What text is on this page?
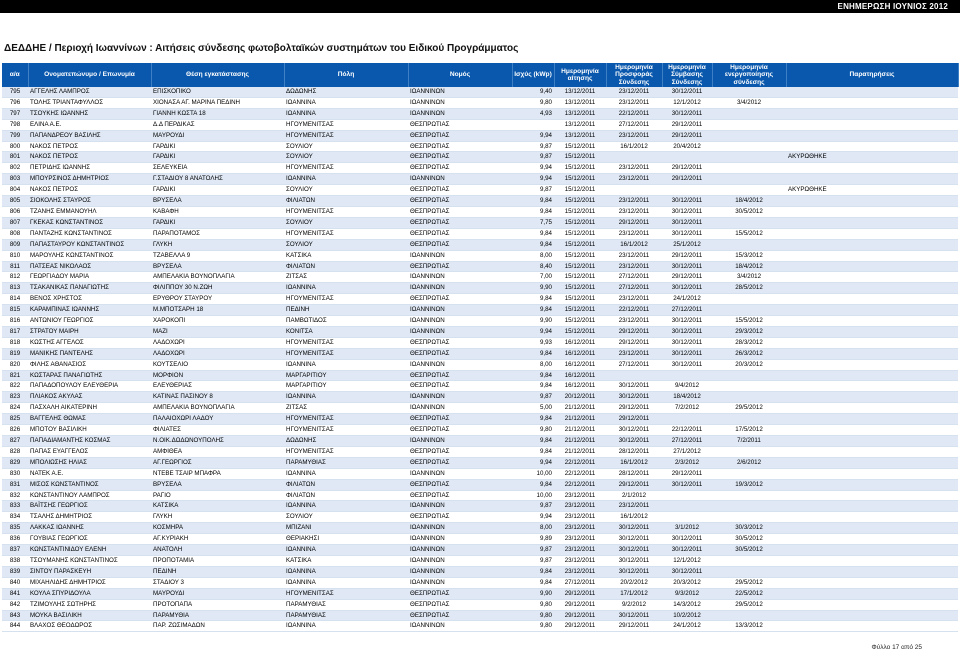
ΕΝΗΜΕΡΩΣΗ ΙΟΥΝΙΟΣ 2012
ΔΕΔΔΗΕ / Περιοχή Ιωαννίνων : Αιτήσεις σύνδεσης φωτοβολταϊκών συστημάτων του Ειδικού Προγράμματος
α/α	Ονοματεπώνυμο / Επωνυμία	Θέση εγκατάστασης	Πόλη	Νομός	Ισχύς (kWp)	Ημερομηνία αίτησης	Ημερομηνία Προσφοράς Σύνδεσης	Ημερομηνία Σύμβασης Σύνδεσης	Ημερομηνία ενεργοποίησης σύνδεσης	Παρατηρήσεις
795	ΑΓΓΕΛΗΣ ΛΑΜΠΡΟΣ	ΕΠΙΣΚΟΠΙΚΟ	ΔΩΔΩΝΗΣ	ΙΩΑΝΝΙΝΩΝ	9,40	13/12/2011	23/12/2011	30/12/2011		
796	ΤΟΛΗΣ ΤΡΙΑΝΤΑΦΥΛΛΟΣ	ΧΙΟΝΑΣΑ ΑΓ. ΜΑΡΙΝΑ ΠΕΔΙΝΗ	ΙΩΑΝΝΙΝΑ	ΙΩΑΝΝΙΝΩΝ	9,80	13/12/2011	23/12/2011	12/1/2012	3/4/2012	
797	ΤΣΟΥΚΗΣ ΙΩΑΝΝΗΣ	ΓΙΑΝΝΗ ΚΩΣΤΑ 18	ΙΩΑΝΝΙΝΑ	ΙΩΑΝΝΙΝΩΝ	4,93	13/12/2011	22/12/2011	30/12/2011		
798	ΕΛΙΝΑ Α.Ε.	Δ.Δ ΠΕΡΔΙΚΑΣ	ΗΓΟΥΜΕΝΙΤΣΑΣ	ΘΕΣΠΡΩΤΙΑΣ		13/12/2011	27/12/2011	29/12/2011		
799	ΠΑΠΑΝΔΡΕΟΥ ΒΑΣΙΛΗΣ	ΜΑΥΡΟΥΔΙ	ΗΓΟΥΜΕΝΙΤΣΑΣ	ΘΕΣΠΡΩΤΙΑΣ	9,94	13/12/2011	23/12/2011	29/12/2011		
800	ΝΑΚΟΣ ΠΕΤΡΟΣ	ΓΑΡΔΙΚΙ	ΣΟΥΛΙΟΥ	ΘΕΣΠΡΩΤΙΑΣ	9,87	15/12/2011	16/1/2012	20/4/2012		
801	ΝΑΚΟΣ ΠΕΤΡΟΣ	ΓΑΡΔΙΚΙ	ΣΟΥΛΙΟΥ	ΘΕΣΠΡΩΤΙΑΣ	9,87	15/12/2011				ΑΚΥΡΩΘΗΚΕ
802	ΠΕΤΡΙΔΗΣ ΙΩΑΝΝΗΣ	ΣΕΛΕΥΚΕΙΑ	ΗΓΟΥΜΕΝΙΤΣΑΣ	ΘΕΣΠΡΩΤΙΑΣ	9,94	15/12/2011	23/12/2011	29/12/2011		
803	ΜΠΟΥΡΣΙΝΟΣ ΔΗΜΗΤΡΙΟΣ	Γ.ΣΤΑΔΙΟΥ 8 ΑΝΑΤΟΛΗΣ	ΙΩΑΝΝΙΝΑ	ΙΩΑΝΝΙΝΩΝ	9,94	15/12/2011	23/12/2011	29/12/2011		
804	ΝΑΚΟΣ ΠΕΤΡΟΣ	ΓΑΡΔΙΚΙ	ΣΟΥΛΙΟΥ	ΘΕΣΠΡΩΤΙΑΣ	9,87	15/12/2011				ΑΚΥΡΩΘΗΚΕ
805	ΣΙΟΚΟΛΗΣ ΣΤΑΥΡΟΣ	ΒΡΥΣΕΛΑ	ΦΙΛΙΑΤΩΝ	ΘΕΣΠΡΩΤΙΑΣ	9,84	15/12/2011	23/12/2011	30/12/2011	18/4/2012	
806	ΤΖΑΝΗΣ ΕΜΜΑΝΟΥΗΛ	ΚΑΒΑΦΗ	ΗΓΟΥΜΕΝΙΤΣΑΣ	ΘΕΣΠΡΩΤΙΑΣ	9,84	15/12/2011	23/12/2011	30/12/2011	30/5/2012	
807	ΓΚΕΚΑΣ ΚΩΝΣΤΑΝΤΙΝΟΣ	ΓΑΡΔΙΚΙ	ΣΟΥΛΙΟΥ	ΘΕΣΠΡΩΤΙΑΣ	7,75	15/12/2011	29/12/2011	30/12/2011		
808	ΠΑΝΤΑΖΗΣ ΚΩΝΣΤΑΝΤΙΝΟΣ	ΠΑΡΑΠΟΤΑΜΟΣ	ΗΓΟΥΜΕΝΙΤΣΑΣ	ΘΕΣΠΡΩΤΙΑΣ	9,84	15/12/2011	23/12/2011	30/12/2011	15/5/2012	
809	ΠΑΠΑΣΤΑΥΡΟΥ ΚΩΝΣΤΑΝΤΙΝΟΣ	ΓΛΥΚΗ	ΣΟΥΛΙΟΥ	ΘΕΣΠΡΩΤΙΑΣ	9,84	15/12/2011	16/1/2012	25/1/2012		
810	ΜΑΡΟΥΛΗΣ ΚΩΝΣΤΑΝΤΙΝΟΣ	ΤΖΑΒΕΛΛΑ 9	ΚΑΤΣΙΚΑ	ΙΩΑΝΝΙΝΩΝ	8,00	15/12/2011	23/12/2011	29/12/2011	15/3/2012	
811	ΠΑΤΣΕΑΣ ΝΙΚΟΛΑΟΣ	ΒΡΥΣΕΛΑ	ΦΙΛΙΑΤΩΝ	ΘΕΣΠΡΩΤΙΑΣ	8,40	15/12/2011	23/12/2011	30/12/2011	18/4/2012	
812	ΓΕΩΡΓΙΑΔΟΥ ΜΑΡΙΑ	ΑΜΠΕΛΑΚΙΑ ΒΟΥΝΟΠΛΑΓΙΑ	ΖΙΤΣΑΣ	ΙΩΑΝΝΙΝΩΝ	7,00	15/12/2011	27/12/2011	29/12/2011	3/4/2012	
813	ΤΣΑΚΑΝΙΚΑΣ ΠΑΝΑΓΙΩΤΗΣ	ΦΙΛΙΠΠΟΥ 30 Ν.ΖΩΗ	ΙΩΑΝΝΙΝΑ	ΙΩΑΝΝΙΝΩΝ	9,90	15/12/2011	27/12/2011	30/12/2011	28/5/2012	
814	ΒΕΝΟΣ ΧΡΗΣΤΟΣ	ΕΡΥΘΡΟΥ ΣΤΑΥΡΟΥ	ΗΓΟΥΜΕΝΙΤΣΑΣ	ΘΕΣΠΡΩΤΙΑΣ	9,84	15/12/2011	23/12/2011	24/1/2012		
815	ΚΑΡΑΜΠΙΝΑΣ ΙΩΑΝΝΗΣ	Μ.ΜΠΟΤΣΑΡΗ 18	ΠΕΔΙΝΗ	ΙΩΑΝΝΙΝΩΝ	9,84	15/12/2011	22/12/2011	27/12/2011		
816	ΑΝΤΩΝΙΟΥ ΓΕΩΡΓΙΟΣ	ΧΑΡΟΚΟΠΙ	ΠΑΜΒΩΤΙΔΟΣ	ΙΩΑΝΝΙΝΩΝ	9,90	15/12/2011	23/12/2011	30/12/2011	15/5/2012	
817	ΣΤΡΑΤΟΥ ΜΑΙΡΗ	ΜΑΖΙ	ΚΟΝΙΤΣΑ	ΙΩΑΝΝΙΝΩΝ	9,94	15/12/2011	29/12/2011	30/12/2011	29/3/2012	
818	ΚΩΣΤΗΣ ΑΓΓΕΛΟΣ	ΛΑΔΟΧΩΡΙ	ΗΓΟΥΜΕΝΙΤΣΑΣ	ΘΕΣΠΡΩΤΙΑΣ	9,93	16/12/2011	29/12/2011	30/12/2011	28/3/2012	
819	ΜΑΝΙΚΗΣ ΠΑΝΤΕΛΗΣ	ΛΑΔΟΧΩΡΙ	ΗΓΟΥΜΕΝΙΤΣΑΣ	ΘΕΣΠΡΩΤΙΑΣ	9,84	16/12/2011	23/12/2011	30/12/2011	26/3/2012	
820	ΦΙΛΗΣ ΑΘΑΝΑΣΙΟΣ	ΚΟΥΤΣΕΛΙΟ	ΙΩΑΝΝΙΝΑ	ΙΩΑΝΝΙΝΩΝ	8,00	16/12/2011	27/12/2011	30/12/2011	20/3/2012	
821	ΚΩΣΤΑΡΑΣ ΠΑΝΑΓΙΩΤΗΣ	ΜΟΡΦΙΟΝ	ΜΑΡΓΑΡΙΤΙΟΥ	ΘΕΣΠΡΩΤΙΑΣ	9,84	16/12/2011				
822	ΠΑΠΑΔΟΠΟΥΛΟΥ ΕΛΕΥΘΕΡΙΑ	ΕΛΕΥΘΕΡΙΑΣ	ΜΑΡΓΑΡΙΤΙΟΥ	ΘΕΣΠΡΩΤΙΑΣ	9,84	16/12/2011	30/12/2011	9/4/2012		
823	ΠΛΙΑΚΟΣ ΑΚΥΛΑΣ	ΚΑΤΙΝΑΣ ΠΑΣΙΝΟΥ 8	ΙΩΑΝΝΙΝΑ	ΙΩΑΝΝΙΝΩΝ	9,87	20/12/2011	30/12/2011	18/4/2012		
824	ΠΑΣΧΑΛΗ ΑΙΚΑΤΕΡΙΝΗ	ΑΜΠΕΛΑΚΙΑ ΒΟΥΝΟΠΛΑΓΙΑ	ΖΙΤΣΑΣ	ΙΩΑΝΝΙΝΩΝ	5,00	21/12/2011	29/12/2011	7/2/2012	29/5/2012	
825	ΒΑΓΓΕΛΗΣ ΘΩΜΑΣ	ΠΑΛΑΙΟΧΩΡΙ ΛΑΔΟΥ	ΗΓΟΥΜΕΝΙΤΣΑΣ	ΘΕΣΠΡΩΤΙΑΣ	9,84	21/12/2011	29/12/2011			
826	ΜΠΟΤΟΥ ΒΑΣΙΛΙΚΗ	ΦΙΛΙΑΤΕΣ	ΗΓΟΥΜΕΝΙΤΣΑΣ	ΘΕΣΠΡΩΤΙΑΣ	9,80	21/12/2011	30/12/2011	22/12/2011	17/5/2012	
827	ΠΑΠΑΔΙΑΜΑΝΤΗΣ ΚΟΣΜΑΣ	Ν.ΟΙΚ.ΔΩΔΩΝΟΥΠΟΛΗΣ	ΔΩΔΩΝΗΣ	ΙΩΑΝΝΙΝΩΝ	9,84	21/12/2011	30/12/2011	27/12/2011	7/2/2011	
828	ΠΑΠΑΣ ΕΥΑΓΓΕΛΟΣ	ΑΜΦΙΘΕΑ	ΗΓΟΥΜΕΝΙΤΣΑΣ	ΘΕΣΠΡΩΤΙΑΣ	9,84	21/12/2011	28/12/2011	27/1/2012		
829	ΜΠΟΛΙΩΣΗΣ ΗΛΙΑΣ	ΑΓ.ΓΕΩΡΓΙΟΣ	ΠΑΡΑΜΥΘΙΑΣ	ΘΕΣΠΡΩΤΙΑΣ	9,94	22/12/2011	16/1/2012	2/3/2012	2/6/2012	
830	ΝΑΤΕΚ Α.Ε.	ΝΤΕΒΕ ΤΣΑΙΡ ΜΠΑΦΡΑ	ΙΩΑΝΝΙΝΑ	ΙΩΑΝΝΙΝΩΝ	10,00	22/12/2011	28/12/2011	29/12/2011		
831	ΜΙΣΟΣ ΚΩΝΣΤΑΝΤΙΝΟΣ	ΒΡΥΣΕΛΑ	ΦΙΛΙΑΤΩΝ	ΘΕΣΠΡΩΤΙΑΣ	9,84	22/12/2011	29/12/2011	30/12/2011	19/3/2012	
832	ΚΩΝΣΤΑΝΤΙΝΟΥ ΛΑΜΠΡΟΣ	ΡΑΓΙΟ	ΦΙΛΙΑΤΩΝ	ΘΕΣΠΡΩΤΙΑΣ	10,00	23/12/2011	2/1/2012			
833	ΒΑΪΤΣΗΣ ΓΕΩΡΓΙΟΣ	ΚΑΤΣΙΚΑ	ΙΩΑΝΝΙΝΑ	ΙΩΑΝΝΙΝΩΝ	9,87	23/12/2011	23/12/2011			
834	ΤΣΑΛΗΣ ΔΗΜΗΤΡΙΟΣ	ΓΛΥΚΗ	ΣΟΥΛΙΟΥ	ΘΕΣΠΡΩΤΙΑΣ	9,94	23/12/2011	16/1/2012			
835	ΛΑΚΚΑΣ ΙΩΑΝΝΗΣ	ΚΟΣΜΗΡΑ	ΜΠΙΖΑΝΙ	ΙΩΑΝΝΙΝΩΝ	8,00	23/12/2011	30/12/2011	3/1/2012	30/3/2012	
836	ΓΟΥΒΙΑΣ ΓΕΩΡΓΙΟΣ	ΑΓ.ΚΥΡΙΑΚΗ	ΘΕΡΙΑΚΗΣΙ	ΙΩΑΝΝΙΝΩΝ	9,89	23/12/2011	30/12/2011	30/12/2011	30/5/2012	
837	ΚΩΝΣΤΑΝΤΙΝΙΔΟΥ ΕΛΕΝΗ	ΑΝΑΤΟΛΗ	ΙΩΑΝΝΙΝΑ	ΙΩΑΝΝΙΝΩΝ	9,87	23/12/2011	30/12/2011	30/12/2011	30/5/2012	
838	ΤΣΟΥΜΑΝΗΣ ΚΩΝΣΤΑΝΤΙΝΟΣ	ΠΡΟΠΟΤΑΜΙΑ	ΚΑΤΣΙΚΑ	ΙΩΑΝΝΙΝΩΝ	9,87	23/12/2011	30/12/2011	12/1/2012		
839	ΣΙΝΤΟΥ ΠΑΡΑΣΚΕΥΗ	ΠΕΔΙΝΗ	ΙΩΑΝΝΙΝΑ	ΙΩΑΝΝΙΝΩΝ	9,84	23/12/2011	30/12/2011	30/12/2011		
840	ΜΙΧΑΗΛΙΔΗΣ ΔΗΜΗΤΡΙΟΣ	ΣΤΑΔΙΟΥ 3	ΙΩΑΝΝΙΝΑ	ΙΩΑΝΝΙΝΩΝ	9,84	27/12/2011	20/2/2012	20/3/2012	29/5/2012	
841	ΚΟΥΛΑ ΣΠΥΡΙΔΟΥΛΑ	ΜΑΥΡΟΥΔΙ	ΗΓΟΥΜΕΝΙΤΣΑΣ	ΘΕΣΠΡΩΤΙΑΣ	9,90	29/12/2011	17/1/2012	9/3/2012	22/5/2012	
842	ΤΖΙΜΟΥΛΗΣ ΣΩΤΗΡΗΣ	ΠΡΟΤΟΠΑΠΑ	ΠΑΡΑΜΥΘΙΑΣ	ΘΕΣΠΡΩΤΙΑΣ	9,80	29/12/2011	9/2/2012	14/3/2012	29/5/2012	
843	ΜΟΥΚΑ ΒΑΣΙΛΙΚΗ	ΠΑΡΑΜΥΘΙΑ	ΠΑΡΑΜΥΘΙΑΣ	ΘΕΣΠΡΩΤΙΑΣ	9,80	29/12/2011	30/12/2011	10/2/2012		
844	ΒΛΑΧΟΣ ΘΕΟΔΩΡΟΣ	ΠΑΡ. ΖΩΣΙΜΑΔΩΝ	ΙΩΑΝΝΙΝΑ	ΙΩΑΝΝΙΝΩΝ	9,80	29/12/2011	29/12/2011	24/1/2012	13/3/2012	
Φύλλο 17 από 25
